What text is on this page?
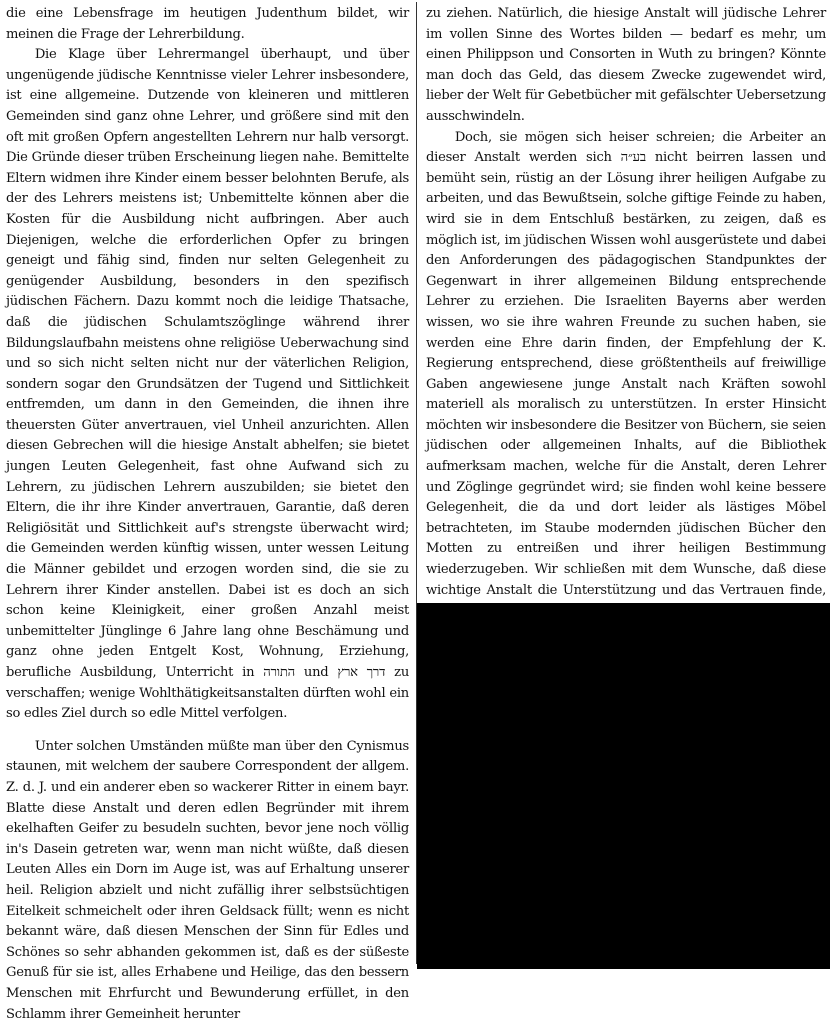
die eine Lebensfrage im heutigen Judenthum bildet, wir meinen die Frage der Lehrerbildung.

Die Klage über Lehrermangel überhaupt, und über ungenügende jüdische Kenntnisse vieler Lehrer insbesondere, ist eine allgemeine. Dutzende von kleineren und mittleren Gemeinden sind ganz ohne Lehrer, und größere sind mit den oft mit großen Opfern angestellten Lehrern nur halb versorgt. Die Gründe dieser trüben Erscheinung liegen nahe. Bemittelte Eltern widmen ihre Kinder einem besser belohnten Berufe, als der des Lehrers meistens ist; Unbemittelte können aber die Kosten für die Ausbildung nicht aufbringen. Aber auch Diejenigen, welche die erforderlichen Opfer zu bringen geneigt und fähig sind, finden nur selten Gelegenheit zu genügender Ausbildung, besonders in den spezifisch jüdischen Fächern. Dazu kommt noch die leidige Thatsache, daß die jüdischen Schulamtszöglinge während ihrer Bildungslaufbahn meistens ohne religiöse Ueberwachung sind und so sich nicht selten nicht nur der väterlichen Religion, sondern sogar den Grundsätzen der Tugend und Sittlichkeit entfremden, um dann in den Gemeinden, die ihnen ihre theuersten Güter anvertrauen, viel Unheil anzurichten. Allen diesen Gebrechen will die hiesige Anstalt abhelfen; sie bietet jungen Leuten Gelegenheit, fast ohne Aufwand sich zu Lehrern, zu jüdischen Lehrern auszubilden; sie bietet den Eltern, die ihr ihre Kinder anvertrauen, Garantie, daß deren Religiösität und Sittlichkeit auf's strengste überwacht wird; die Gemeinden werden künftig wissen, unter wessen Leitung die Männer gebildet und erzogen worden sind, die sie zu Lehrern ihrer Kinder anstellen. Dabei ist es doch an sich schon keine Kleinigkeit, einer großen Anzahl meist unbemittelter Jünglinge 6 Jahre lang ohne Beschämung und ganz ohne jeden Entgelt Kost, Wohnung, Erziehung, berufliche Ausbildung, Unterricht in התורה und דרך ארץ zu verschaffen; wenige Wohlthätigkeitsanstalten dürften wohl ein so edles Ziel durch so edle Mittel verfolgen.

Unter solchen Umständen müßte man über den Cynismus staunen, mit welchem der saubere Correspondent der allgem. Z. d. J. und ein anderer eben so wackerer Ritter in einem bayr. Blatte diese Anstalt und deren edlen Begründer mit ihrem ekelhaften Geifer zu besudeln suchten, bevor jene noch völlig in's Dasein getreten war, wenn man nicht wüßte, daß diesen Leuten Alles ein Dorn im Auge ist, was auf Erhaltung unserer heil. Religion abzielt und nicht zufällig ihrer selbstsüchtigen Eitelkeit schmeichelt oder ihren Geldsack füllt; wenn es nicht bekannt wäre, daß diesen Menschen der Sinn für Edles und Schönes so sehr abhanden gekommen ist, daß es der süßeste Genuß für sie ist, alles Erhabene und Heilige, das den bessern Menschen mit Ehrfurcht und Bewunderung erfüllet, in den Schlamm ihrer Gemeinheit herunter

zu ziehen. Natürlich, die hiesige Anstalt will jüdische Lehrer im vollen Sinne des Wortes bilden — bedarf es mehr, um einen Philippson und Consorten in Wuth zu bringen? Könnte man doch das Geld, das diesem Zwecke zugewendet wird, lieber der Welt für Gebetbücher mit gefälschter Uebersetzung ausschwindeln.

Doch, sie mögen sich heiser schreien; die Arbeiter an dieser Anstalt werden sich בע״ה nicht beirren lassen und bemüht sein, rüstig an der Lösung ihrer heiligen Aufgabe zu arbeiten, und das Bewußtsein, solche giftige Feinde zu haben, wird sie in dem Entschluß bestärken, zu zeigen, daß es möglich ist, im jüdischen Wissen wohl ausgerüstete und dabei den Anforderungen des pädagogischen Standpunktes der Gegenwart in ihrer allgemeinen Bildung entsprechende Lehrer zu erziehen. Die Israeliten Bayerns aber werden wissen, wo sie ihre wahren Freunde zu suchen haben, sie werden eine Ehre darin finden, der Empfehlung der K. Regierung entsprechend, diese größtentheils auf freiwillige Gaben angewiesene junge Anstalt nach Kräften sowohl materiell als moralisch zu unterstützen. In erster Hinsicht möchten wir insbesondere die Besitzer von Büchern, sie seien jüdischen oder allgemeinen Inhalts, auf die Bibliothek aufmerksam machen, welche für die Anstalt, deren Lehrer und Zöglinge gegründet wird; sie finden wohl keine bessere Gelegenheit, die da und dort leider als lästiges Möbel betrachteten, im Staube modernden jüdischen Bücher den Motten zu entreißen und ihrer heiligen Bestimmung wiederzugeben. Wir schließen mit dem Wunsche, daß diese wichtige Anstalt die Unterstützung und das Vertrauen finde,
